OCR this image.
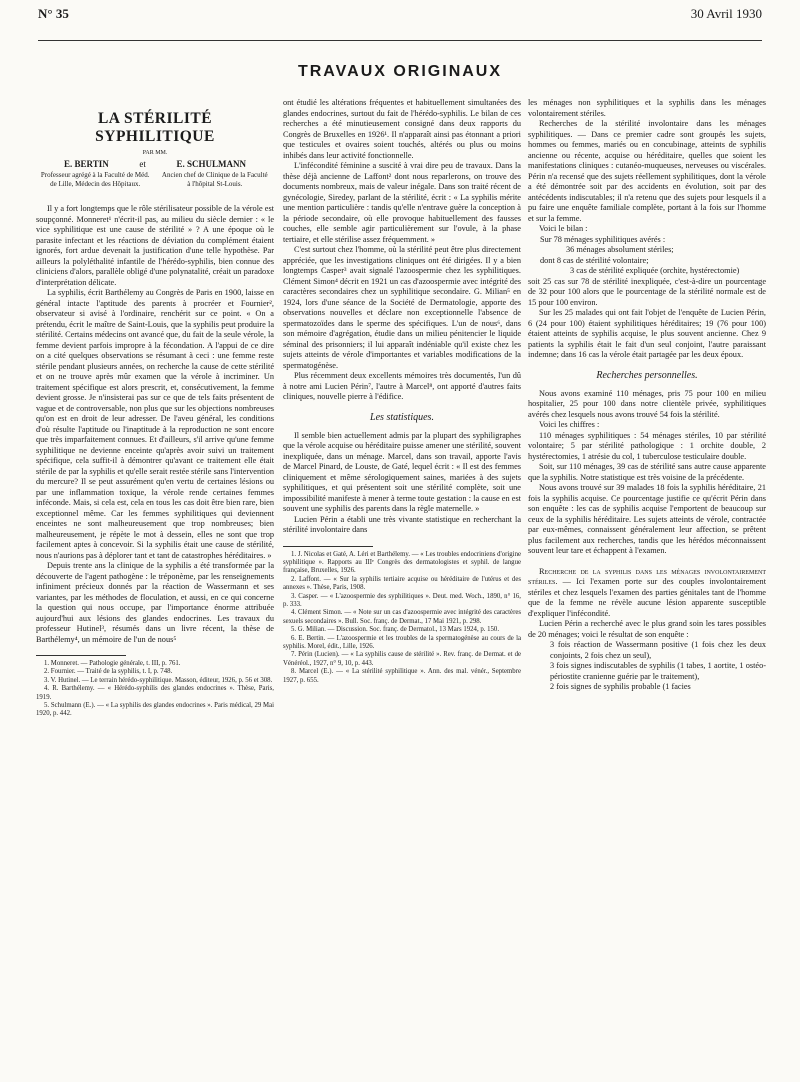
N° 35	30 Avril 1930
TRAVAUX ORIGINAUX
LA STÉRILITÉ SYPHILITIQUE
PAR MM.
E. BERTIN	et	E. SCHULMANN
Professeur agrégé à la Faculté de Méd. de Lille, Médecin des Hôpitaux.
Ancien chef de Clinique de la Faculté à l'hôpital St-Louis.

Il y a fort longtemps que le rôle stérilisateur possible de la vérole est soupçonné. Monneret¹ n'écrit-il pas, au milieu du siècle dernier : « le vice syphilitique est une cause de stérilité » ? A une époque où le parasite infectant et les réactions de déviation du complément étaient ignorés, fort ardue devenait la justification d'une telle hypothèse. Par ailleurs la polyléthalité infantile de l'hérédo-syphilis, bien connue des cliniciens d'alors, parallèle obligé d'une polynatalité, créait un paradoxe d'interprétation délicate.

La syphilis, écrit Barthélemy au Congrès de Paris en 1900, laisse en général intacte l'aptitude des parents à procréer et Fournier², observateur si avisé à l'ordinaire, renchérit sur ce point. « On a prétendu, écrit le maître de Saint-Louis, que la syphilis peut produire la stérilité. Certains médecins ont avancé que, du fait de la seule vérole, la femme devient parfois impropre à la fécondation. A l'appui de ce dire on a cité quelques observations se résumant à ceci : une femme reste stérile pendant plusieurs années, on recherche la cause de cette stérilité et on ne trouve après mûr examen que la vérole à incriminer. Un traitement spécifique est alors prescrit, et, consécutivement, la femme devient grosse. Je n'insisterai pas sur ce que de tels faits présentent de vague et de controversable, non plus que sur les objections nombreuses qu'on est en droit de leur adresser. De l'aveu général, les conditions d'où résulte l'aptitude ou l'inaptitude à la reproduction ne sont encore que très imparfaitement connues. Et d'ailleurs, s'il arrive qu'une femme syphilitique ne devienne enceinte qu'après avoir suivi un traitement spécifique, cela suffit-il à démontrer qu'avant ce traitement elle était stérile de par la syphilis et qu'elle serait restée stérile sans l'intervention du mercure? Il se peut assurément qu'en vertu de certaines lésions ou par une inflammation toxique, la vérole rende certaines femmes inféconde. Mais, si cela est, cela en tous les cas doit être bien rare, bien exceptionnel même. Car les femmes syphilitiques qui deviennent enceintes ne sont malheureusement que trop nombreuses; bien malheureusement, je répète le mot à dessein, elles ne sont que trop facilement aptes à concevoir. Si la syphilis était une cause de stérilité, nous n'aurions pas à déplorer tant et tant de catastrophes héréditaires. »

Depuis trente ans la clinique de la syphilis a été transformée par la découverte de l'agent pathogène : le tréponème, par les renseignements infiniment précieux donnés par la réaction de Wassermann et ses variantes, par les méthodes de floculation, et aussi, en ce qui concerne la question qui nous occupe, par l'importance énorme attribuée aujourd'hui aux lésions des glandes endocrines. Les travaux du professeur Hutinel³, résumés dans un livre récent, la thèse de Barthélemy⁴, un mémoire de l'un de nous⁵

1. Monneret. — Pathologie générale, t. III, p. 761.
2. Fournier. — Traité de la syphilis, t. I, p. 748.
3. V. Hutinel. — Le terrain hérédo-syphilitique. Masson, éditeur, 1926, p. 56 et 308.
4. R. Barthélemy. — « Hérédo-syphilis des glandes endocrines ». Thèse, Paris, 1919.
5. Schulmann (E.). — « La syphilis des glandes endocrines ». Paris médical, 29 Mai 1920, p. 442.

ont étudié les altérations fréquentes et habituellement simultanées des glandes endocrines, surtout du fait de l'hérédo-syphilis. Le bilan de ces recherches a été minutieusement consigné dans deux rapports du Congrès de Bruxelles en 1926¹. Il n'apparaît ainsi pas étonnant a priori que testicules et ovaires soient touchés, altérés ou plus ou moins inhibés dans leur activité fonctionnelle.

L'infécondité féminine a suscité à vrai dire peu de travaux. Dans la thèse déjà ancienne de Laffont² dont nous reparlerons, on trouve des documents nombreux, mais de valeur inégale. Dans son traité récent de gynécologie, Siredey, parlant de la stérilité, écrit : « La syphilis mérite une mention particulière : tandis qu'elle n'entrave guère la conception à la période secondaire, où elle provoque habituellement des fausses couches, elle semble agir particulièrement sur l'ovule, à la phase tertiaire, et elle stérilise assez fréquemment. »

C'est surtout chez l'homme, où la stérilité peut être plus directement appréciée, que les investigations cliniques ont été dirigées. Il y a bien longtemps Casper³ avait signalé l'azoospermie chez les syphilitiques. Clément Simon⁴ décrit en 1921 un cas d'azoospermie avec intégrité des caractères secondaires chez un syphilitique secondaire. G. Milian⁵ en 1924, lors d'une séance de la Société de Dermatologie, apporte des observations nouvelles et déclare non exceptionnelle l'absence de spermatozoïdes dans le sperme des spécifiques. L'un de nous⁶, dans son mémoire d'agrégation, étudie dans un milieu pénitencier le liquide séminal des prisonniers; il lui apparaît indéniable qu'il existe chez les sujets atteints de vérole d'importantes et variables modifications de la spermatogénèse.

Plus récemment deux excellents mémoires très documentés, l'un dû à notre ami Lucien Périn⁷, l'autre à Marcel⁸, ont apporté d'autres faits cliniques, nouvelle pierre à l'édifice.

Les statistiques.

Il semble bien actuellement admis par la plupart des syphiligraphes que la vérole acquise ou héréditaire puisse amener une stérilité, souvent inexpliquée, dans un ménage. Marcel, dans son travail, apporte l'avis de Marcel Pinard, de Louste, de Gaté, lequel écrit : « Il est des femmes cliniquement et même sérologiquement saines, mariées à des sujets syphilitiques, et qui présentent soit une stérilité complète, soit une impossibilité manifeste à mener à terme toute gestation : la cause en est souvent une syphilis des parents dans la règle maternelle. »

Lucien Périn a établi une très vivante statistique en recherchant la stérilité involontaire dans

1. J. Nicolas et Gaté, A. Léri et Barthélemy. — « Les troubles endocriniens d'origine syphilitique ». Rapports au IIIᵉ Congrès des dermatologistes et syphil. de langue française, Bruxelles, 1926.
2. Laffont. — « Sur la syphilis tertiaire acquise ou héréditaire de l'utérus et des annexes ». Thèse, Paris, 1908.
3. Casper. — « L'azoospermie des syphilitiques ». Deut. med. Woch., 1890, n° 16, p. 333.
4. Clément Simon. — « Note sur un cas d'azoospermie avec intégrité des caractères sexuels secondaires ». Bull. Soc. franç. de Dermat., 17 Mai 1921, p. 298.
5. G. Milian. — Discussion. Soc. franç. de Dermatol., 13 Mars 1924, p. 150.
6. E. Bertin. — L'azoospermie et les troubles de la spermatogénèse au cours de la syphilis. Morel, édit., Lille, 1926.
7. Périn (Lucien). — « La syphilis cause de stérilité ». Rev. franç. de Dermat. et de Vénéréol., 1927, n° 9, 10, p. 443.
8. Marcel (E.). — « La stérilité syphilitique ». Ann. des mal. vénér., Septembre 1927, p. 655.

les ménages non syphilitiques et la syphilis dans les ménages volontairement stériles.

Recherches de la stérilité involontaire dans les ménages syphilitiques. — Dans ce premier cadre sont groupés les sujets, hommes ou femmes, mariés ou en concubinage, atteints de syphilis ancienne ou récente, acquise ou héréditaire, quelles que soient les manifestations cliniques : cutanéo-muqueuses, nerveuses ou viscérales. Périn n'a recensé que des sujets réellement syphilitiques, dont la vérole a été démontrée soit par des accidents en évolution, soit par des antécédents indiscutables; il n'a retenu que des sujets pour lesquels il a pu faire une enquête familiale complète, portant à la fois sur l'homme et sur la femme.

Voici le bilan :

Sur 78 ménages syphilitiques avérés :
36 ménages absolument stériles;
dont 8 cas de stérilité volontaire;
3 cas de stérilité expliquée (orchite, hystérectomie)

soit 25 cas sur 78 de stérilité inexpliquée, c'est-à-dire un pourcentage de 32 pour 100 alors que le pourcentage de la stérilité normale est de 15 pour 100 environ.

Sur les 25 malades qui ont fait l'objet de l'enquête de Lucien Périn, 6 (24 pour 100) étaient syphilitiques héréditaires; 19 (76 pour 100) étaient atteints de syphilis acquise, le plus souvent ancienne. Chez 9 patients la syphilis était le fait d'un seul conjoint, l'autre paraissant indemne; dans 16 cas la vérole était partagée par les deux époux.

Recherches personnelles.

Nous avons examiné 110 ménages, pris 75 pour 100 en milieu hospitalier, 25 pour 100 dans notre clientèle privée, syphilitiques avérés chez lesquels nous avons trouvé 54 fois la stérilité.

Voici les chiffres :

110 ménages syphilitiques : 54 ménages stériles, 10 par stérilité volontaire; 5 par stérilité pathologique : 1 orchite double, 2 hystérectomies, 1 atrésie du col, 1 tuberculose testiculaire double.

Soit, sur 110 ménages, 39 cas de stérilité sans autre cause apparente que la syphilis. Notre statistique est très voisine de la précédente.

Nous avons trouvé sur 39 malades 18 fois la syphilis héréditaire, 21 fois la syphilis acquise. Ce pourcentage justifie ce qu'écrit Périn dans son enquête : les cas de syphilis acquise l'emportent de beaucoup sur ceux de la syphilis héréditaire. Les sujets atteints de vérole, contractée par eux-mêmes, connaissent généralement leur affection, se prêtent plus facilement aux recherches, tandis que les hérédos méconnaissent souvent leur tare et échappent à l'examen.

Recherche de la syphilis dans les ménages involontairement stériles. — Ici l'examen porte sur des couples involontairement stériles et chez lesquels l'examen des parties génitales tant de l'homme que de la femme ne révèle aucune lésion apparente susceptible d'expliquer l'infécondité.

Lucien Périn a recherché avec le plus grand soin les tares possibles de 20 ménages; voici le résultat de son enquête :

3 fois réaction de Wassermann positive (1 fois chez les deux conjoints, 2 fois chez un seul),
3 fois signes indiscutables de syphilis (1 tabes, 1 aortite, 1 ostéo-périostite cranienne guérie par le traitement),
2 fois signes de syphilis probable (1 facies
